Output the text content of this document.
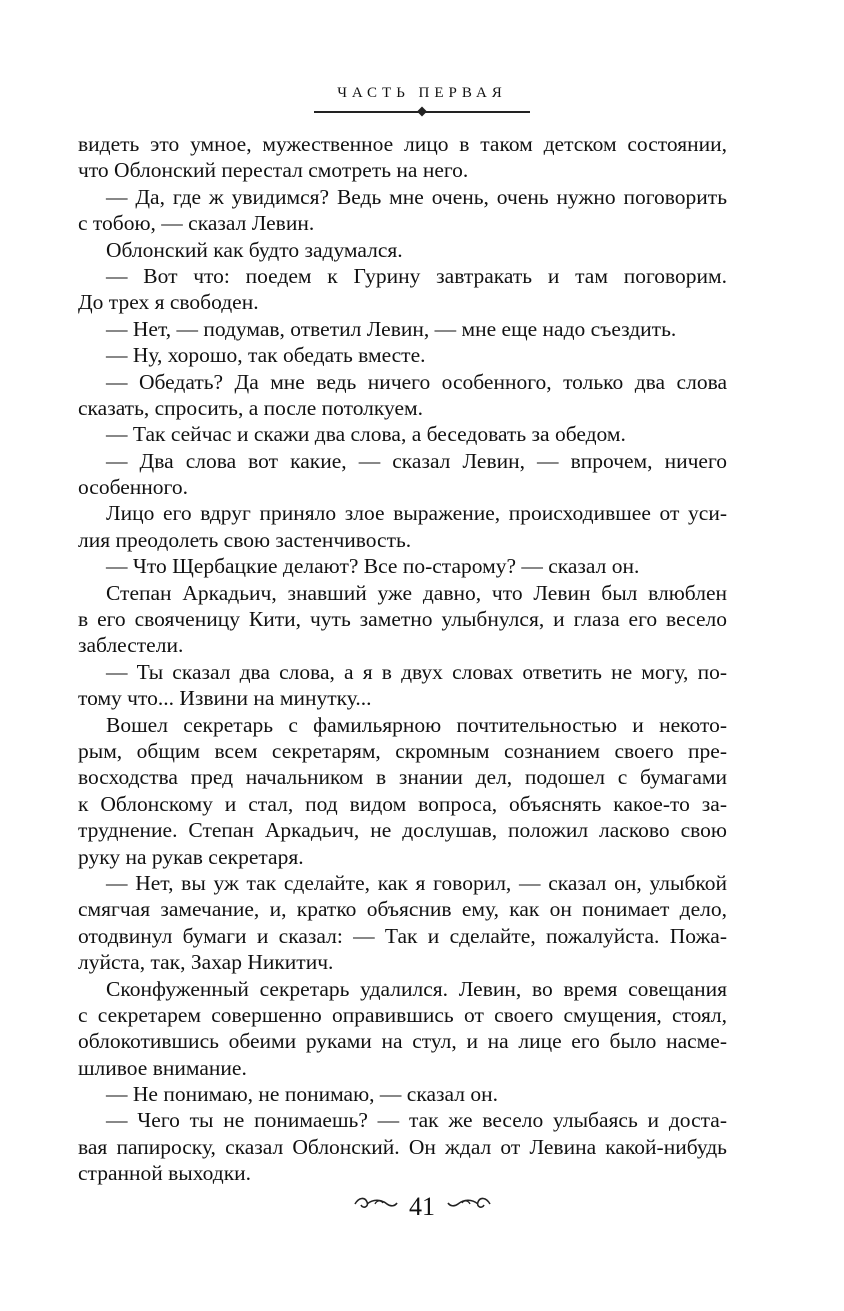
ЧАСТЬ ПЕРВАЯ
видеть это умное, мужественное лицо в таком детском состоянии,
что Облонский перестал смотреть на него.
— Да, где ж увидимся? Ведь мне очень, очень нужно поговорить
с тобою, — сказал Левин.
Облонский как будто задумался.
— Вот что: поедем к Гурину завтракать и там поговорим.
До трех я свободен.
— Нет, — подумав, ответил Левин, — мне еще надо съездить.
— Ну, хорошо, так обедать вместе.
— Обедать? Да мне ведь ничего особенного, только два слова
сказать, спросить, а после потолкуем.
— Так сейчас и скажи два слова, а беседовать за обедом.
— Два слова вот какие, — сказал Левин, — впрочем, ничего
особенного.
Лицо его вдруг приняло злое выражение, происходившее от уси-
лия преодолеть свою застенчивость.
— Что Щербацкие делают? Все по-старому? — сказал он.
Степан Аркадьич, знавший уже давно, что Левин был влюблен
в его свояченицу Кити, чуть заметно улыбнулся, и глаза его весело
заблестели.
— Ты сказал два слова, а я в двух словах ответить не могу, по-
тому что... Извини на минутку...
Вошел секретарь с фамильярною почтительностью и некото-
рым, общим всем секретарям, скромным сознанием своего пре-
восходства пред начальником в знании дел, подошел с бумагами
к Облонскому и стал, под видом вопроса, объяснять какое-то за-
труднение. Степан Аркадьич, не дослушав, положил ласково свою
руку на рукав секретаря.
— Нет, вы уж так сделайте, как я говорил, — сказал он, улыбкой
смягчая замечание, и, кратко объяснив ему, как он понимает дело,
отодвинул бумаги и сказал: — Так и сделайте, пожалуйста. Пожа-
луйста, так, Захар Никитич.
Сконфуженный секретарь удалился. Левин, во время совещания
с секретарем совершенно оправившись от своего смущения, стоял,
облокотившись обеими руками на стул, и на лице его было насме-
шливое внимание.
— Не понимаю, не понимаю, — сказал он.
— Чего ты не понимаешь? — так же весело улыбаясь и доста-
вая папироску, сказал Облонский. Он ждал от Левина какой-нибудь
странной выходки.
41
